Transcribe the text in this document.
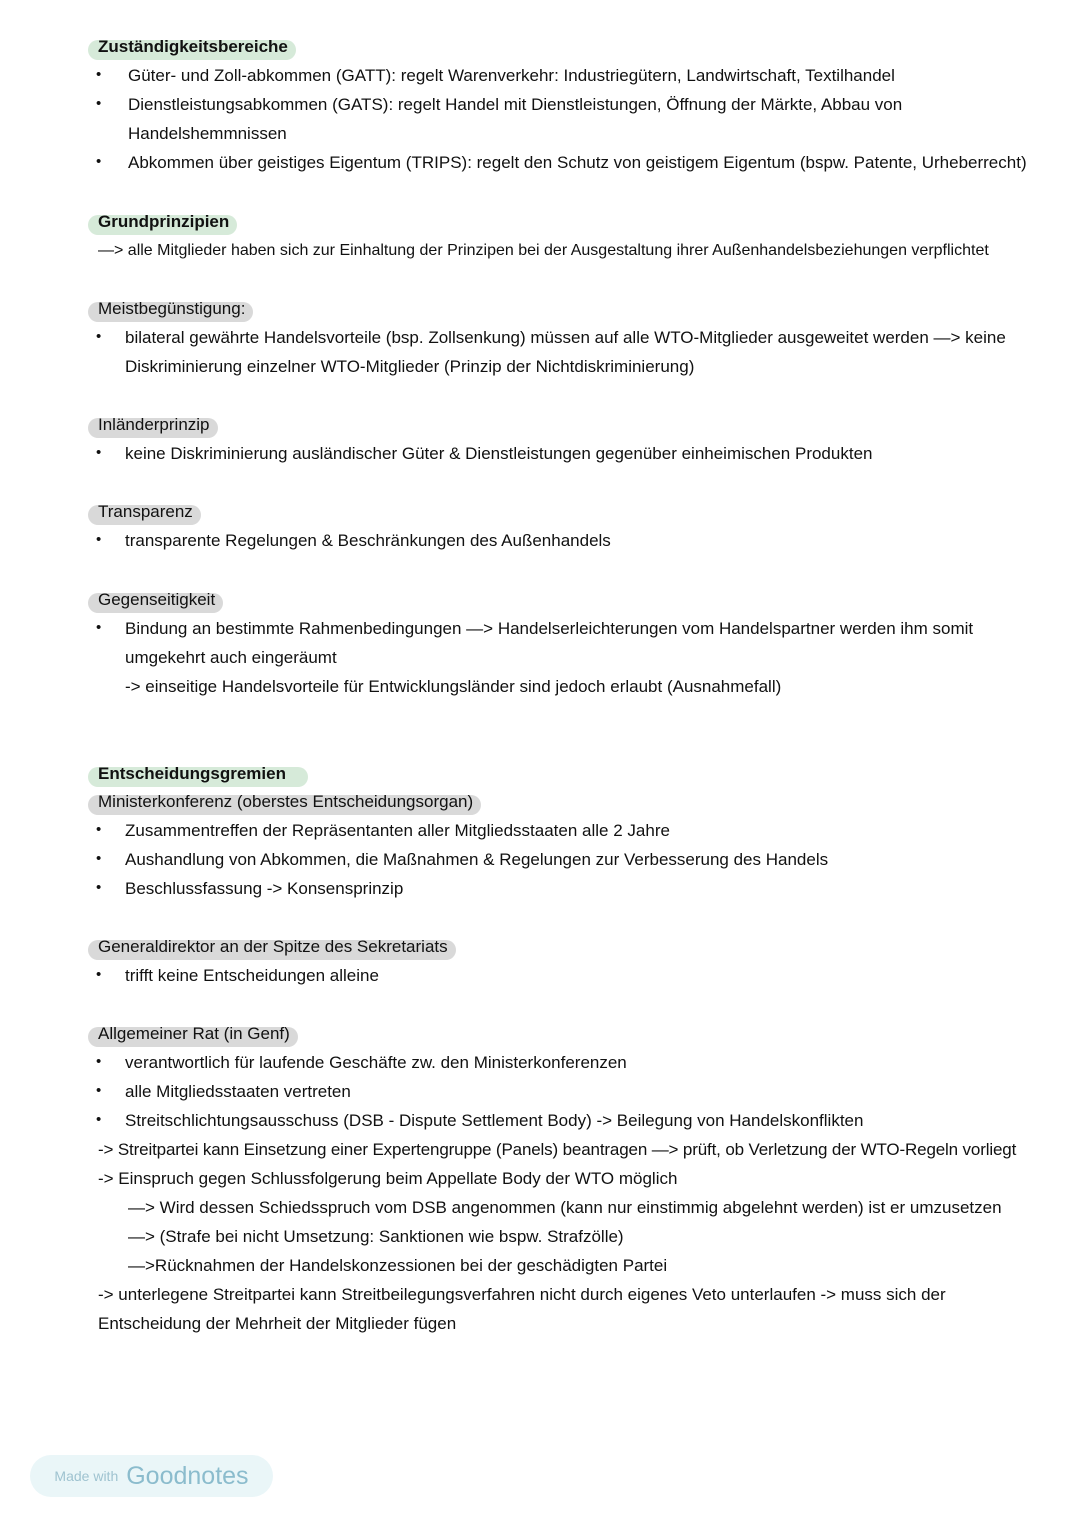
Zuständigkeitsbereiche
• Güter- und Zoll-abkommen (GATT): regelt Warenverkehr: Industriegütern, Landwirtschaft, Textilhandel
• Dienstleistungsabkommen (GATS): regelt Handel mit Dienstleistungen, Öffnung der Märkte, Abbau von
Handelshemmnissen
• Abkommen über geistiges Eigentum (TRIPS): regelt den Schutz von geistigem Eigentum (bspw. Patente, Urheberrecht)
Grundprinzipien
—> alle Mitglieder haben sich zur Einhaltung der Prinzipen bei der Ausgestaltung ihrer Außenhandelsbeziehungen verpflichtet
Meistbegünstigung:
• bilateral gewährte Handelsvorteile (bsp. Zollsenkung) müssen auf alle WTO-Mitglieder ausgeweitet werden —> keine
Diskriminierung einzelner WTO-Mitglieder (Prinzip der Nichtdiskriminierung)
Inländerprinzip:
• keine Diskriminierung ausländischer Güter & Dienstleistungen gegenüber einheimischen Produkten
Transparenz:
• transparente Regelungen & Beschränkungen des Außenhandels
Gegenseitigkeit:
• Bindung an bestimmte Rahmenbedingungen —> Handelserleichterungen vom Handelspartner werden ihm somit
umgekehrt auch eingeräumt
-> einseitige Handelsvorteile für Entwicklungsländer sind jedoch erlaubt (Ausnahmefall)
Entscheidungsgremien
Ministerkonferenz (oberstes Entscheidungsorgan)
• Zusammentreffen der Repräsentanten aller Mitgliedsstaaten alle 2 Jahre
• Aushandlung von Abkommen, die Maßnahmen & Regelungen zur Verbesserung des Handels
• Beschlussfassung -> Konsensprinzip
Generaldirektor an der Spitze des Sekretariats
• trifft keine Entscheidungen alleine
Allgemeiner Rat (in Genf)
• verantwortlich für laufende Geschäfte zw. den Ministerkonferenzen
• alle Mitgliedsstaaten vertreten
• Streitschlichtungsausschuss (DSB - Dispute Settlement Body) -> Beilegung von Handelskonflikten
-> Streitpartei kann Einsetzung einer Expertengruppe (Panels) beantragen —> prüft, ob Verletzung der WTO-Regeln vorliegt
-> Einspruch gegen Schlussfolgerung beim Appellate Body der WTO möglich
—> Wird dessen Schiedsspruch vom DSB angenommen (kann nur einstimmig abgelehnt werden) ist er umzusetzen
—> (Strafe bei nicht Umsetzung: Sanktionen wie bspw. Strafzölle)
—>Rücknahmen der Handelskonzessionen bei der geschädigten Partei
-> unterlegene Streitpartei kann Streitbeilegungsverfahren nicht durch eigenes Veto unterlaufen -> muss sich der
Entscheidung der Mehrheit der Mitglieder fügen
Made with Goodnotes
